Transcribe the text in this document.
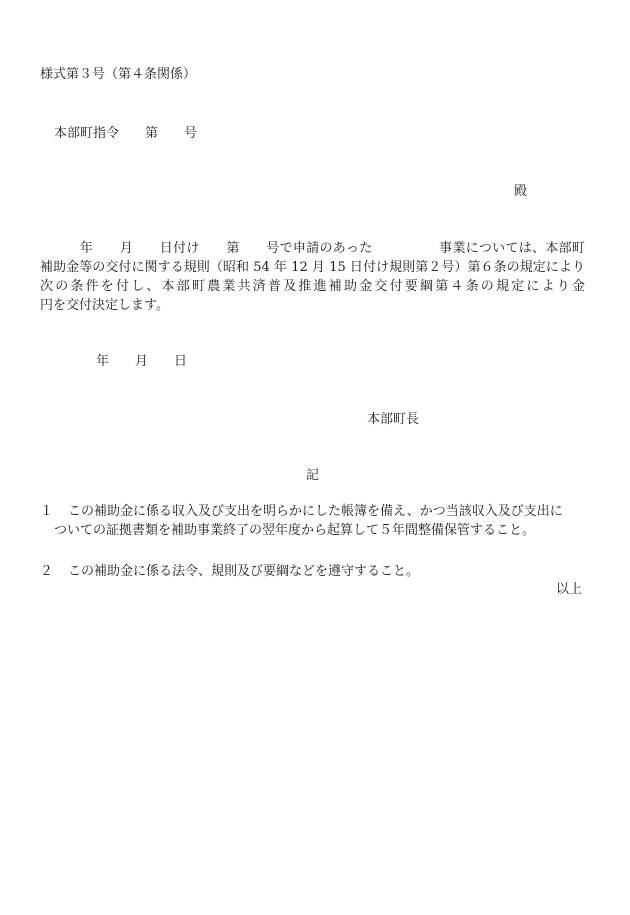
様式第３号（第４条関係）
本部町指令　　第　　号
殿
　　　年　　月　　日付け　　第　　号で申請のあった　　　　　事業については、本部町
補助金等の交付に関する規則（昭和 54 年 12 月 15 日付け規則第２号）第６条の規定により
次の条件を付し、本部町農業共済普及推進補助金交付要綱第４条の規定により金
円を交付決定します。
年　　月　　日
本部町長
記
１	この補助金に係る収入及び支出を明らかにした帳簿を備え、かつ当該収入及び支出に
ついての証拠書類を補助事業終了の翌年度から起算して５年間整備保管すること。
２	この補助金に係る法令、規則及び要綱などを遵守すること。
以上
